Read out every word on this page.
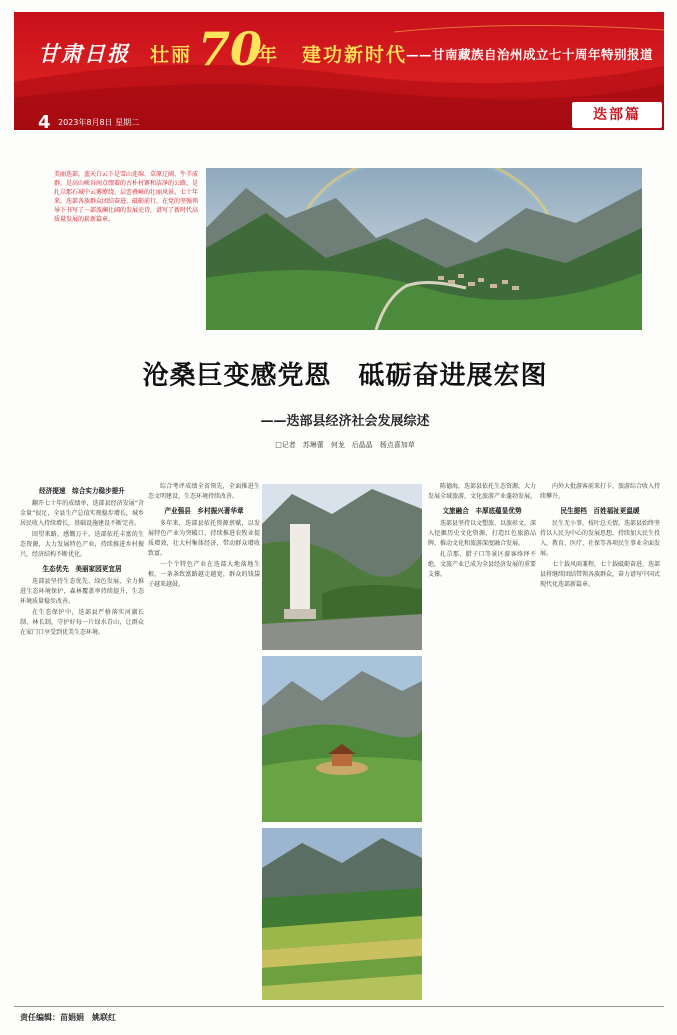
甘肃日报 壮丽 70
年 建功新时代
——甘南藏族自治州成立七十周年特别报道
4 2023年8月8日 星期二	迭部篇
美丽迭部，蓝天白云下是雪山连绵、草原辽阔、牛羊成群，是高山峡谷间点缀着的古朴村寨和洁净的公路，是扎尕那石城中云雾缭绕、层峦叠嶂的壮丽风景。七十年来，迭部各族群众团结奋进、砥砺前行，在党的坚强领导下书写了一部波澜壮阔的发展史诗，谱写了新时代高质量发展的崭新篇章。
沧桑巨变感党恩　砥砺奋进展宏图
——迭部县经济社会发展综述
□记者　苏琳蕾　何龙　后晶晶　杨点喜加草
经济提速　综合实力稳步提升

翻开七十年的成绩单，迭部县经济发展“含金量”很足，全县生产总值实现稳步增长，城乡居民收入持续增长，基础设施建设不断完善。

回望来路，感慨万千。迭部依托丰富的生态资源，大力发展特色产业，持续推进乡村振兴，经济结构不断优化。

生态优先　美丽家园更宜居

迭部县坚持生态优先、绿色发展，全力推进生态环境保护，森林覆盖率持续提升，生态环境质量稳步改善。

在生态保护中，迭部县严格落实河湖长制、林长制，守护好每一片绿水青山，让群众在家门口享受到优美生态环境。

综合考评成绩全省领先，全面推进生态文明建设，生态环境持续改善。

产业强县　乡村振兴著华章

多年来，迭部县依托资源禀赋，以发展特色产业为突破口，持续推进农牧业提质增效，壮大村集体经济，带动群众增收致富。

一个个特色产业在迭部大地落地生根，一条条致富路越走越宽，群众的钱袋子越来越鼓。

陈德海，迭部县依托生态资源，大力发展全域旅游，文化旅游产业蓬勃发展。

文旅融合　丰厚底蕴显优势

迭部县坚持以文塑旅、以旅彰文，深入挖掘历史文化资源，打造红色旅游品牌，推动文化和旅游深度融合发展。

扎尕那、腊子口等景区游客络绎不绝，文旅产业已成为全县经济发展的重要支撑。

内外大批游客前来打卡，旅游综合收入持续攀升。

民生提档　百姓福祉更温暖

民生无小事，枝叶总关情。迭部县始终坚持以人民为中心的发展思想，持续加大民生投入，教育、医疗、社保等各项民生事业全面发展。

七十载风雨兼程，七十载砥砺奋进。迭部县将继续团结带领各族群众，奋力谱写中国式现代化迭部新篇章。

责任编辑：苗娟娟　姚联红
